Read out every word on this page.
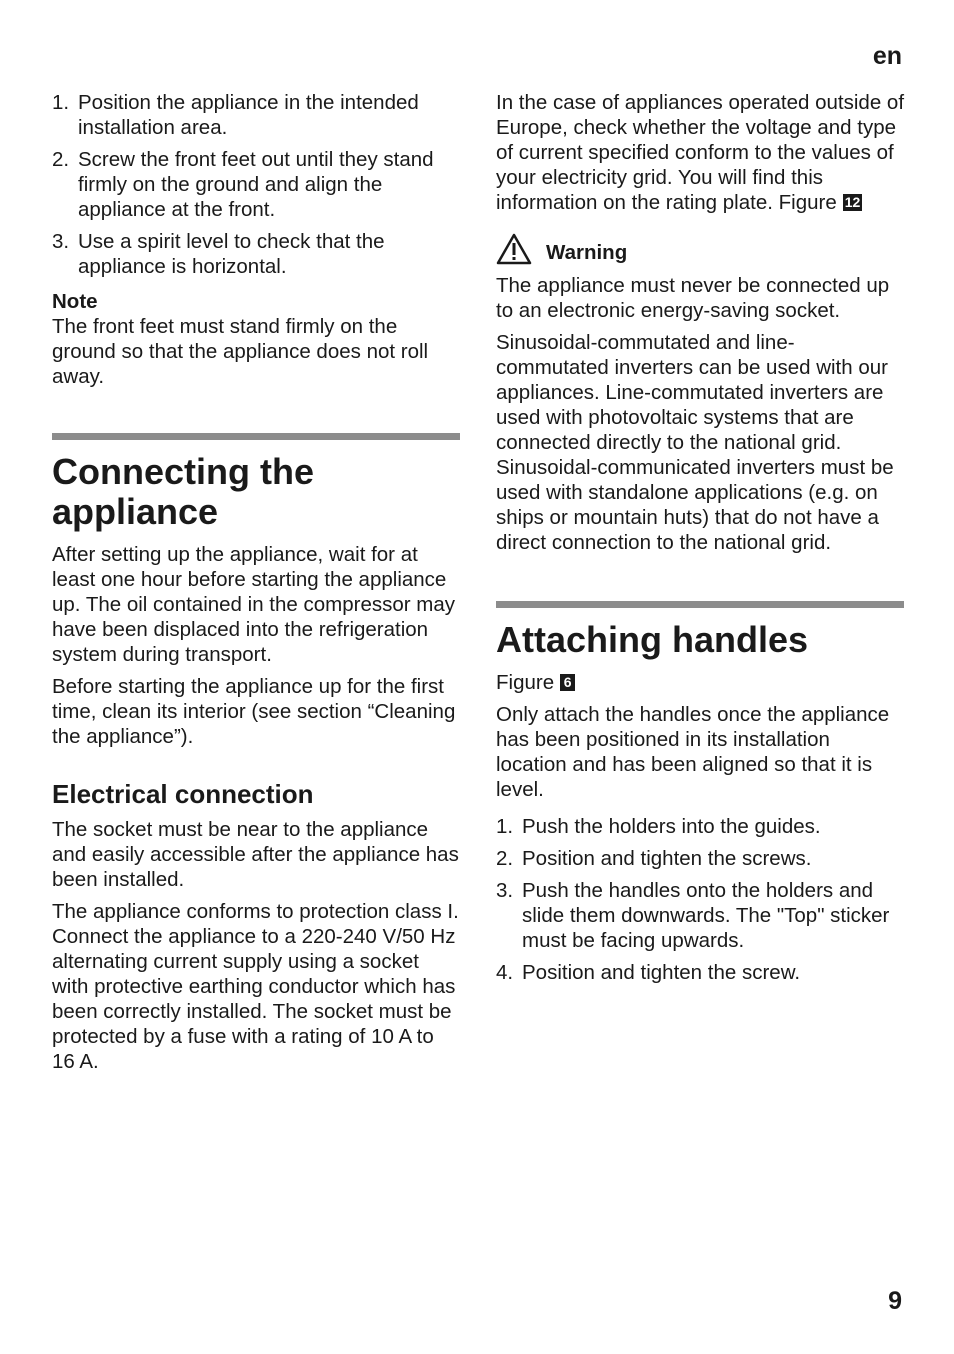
en
1. Position the appliance in the intended installation area.
2. Screw the front feet out until they stand firmly on the ground and align the appliance at the front.
3. Use a spirit level to check that the appliance is horizontal.
Note

The front feet must stand firmly on the ground so that the appliance does not roll away.

Connecting the appliance

After setting up the appliance, wait for at least one hour before starting the appliance up. The oil contained in the compressor may have been displaced into the refrigeration system during transport.

Before starting the appliance up for the first time, clean its interior (see section “Cleaning the appliance”).

Electrical connection

The socket must be near to the appliance and easily accessible after the appliance has been installed.

The appliance conforms to protection class I. Connect the appliance to a 220-240 V/50 Hz alternating current supply using a socket with protective earthing conductor which has been correctly installed. The socket must be protected by a fuse with a rating of 10 A to 16 A.

In the case of appliances operated outside of Europe, check whether the voltage and type of current specified conform to the values of your electricity grid. You will find this information on the rating plate. Figure 12

Warning

The appliance must never be connected up to an electronic energy-saving socket.

Sinusoidal-commutated and line-commutated inverters can be used with our appliances. Line-commutated inverters are used with photovoltaic systems that are connected directly to the national grid. Sinusoidal-communicated inverters must be used with standalone applications (e.g. on ships or mountain huts) that do not have a direct connection to the national grid.

Attaching handles

Figure 6

Only attach the handles once the appliance has been positioned in its installation location and has been aligned so that it is level.

1. Push the holders into the guides.
2. Position and tighten the screws.
3. Push the handles onto the holders and slide them downwards. The "Top" sticker must be facing upwards.
4. Position and tighten the screw.
9
